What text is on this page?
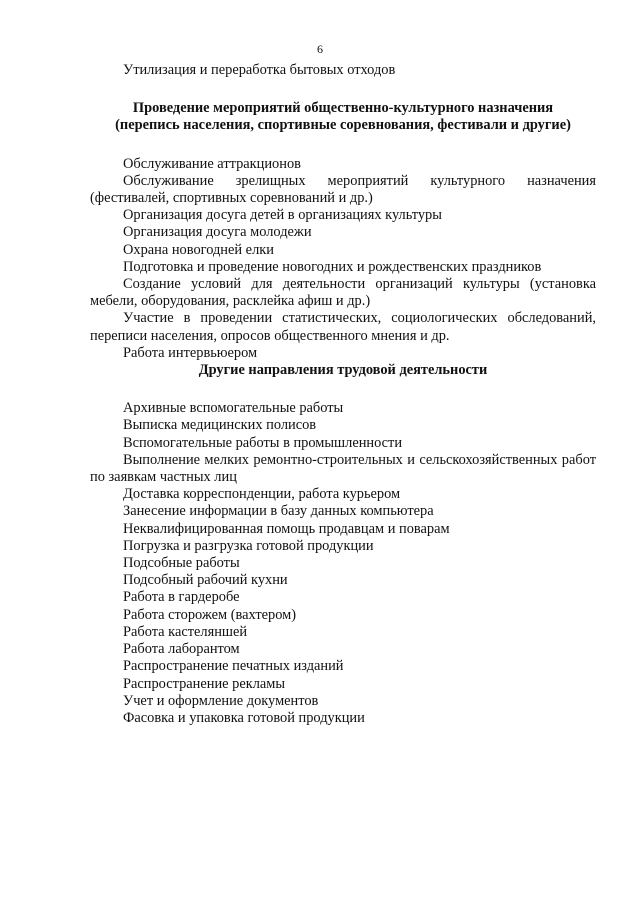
6

Утилизация и переработка бытовых отходов

Проведение мероприятий общественно-культурного назначения

(перепись населения, спортивные соревнования, фестивали и другие)

Обслуживание аттракционов

Обслуживание зрелищных мероприятий культурного назначения (фестивалей, спортивных соревнований и др.)

Организация досуга детей в организациях культуры

Организация досуга молодежи

Охрана новогодней елки

Подготовка и проведение новогодних и рождественских праздников

Создание условий для деятельности организаций культуры (установка мебели, оборудования, расклейка афиш и др.)

Участие в проведении статистических, социологических обследований, переписи населения, опросов общественного мнения и др.

Работа интервьюером

Другие направления трудовой деятельности

Архивные вспомогательные работы

Выписка медицинских полисов

Вспомогательные работы в промышленности

Выполнение мелких ремонтно-строительных и сельскохозяйственных работ по заявкам частных лиц

Доставка корреспонденции, работа курьером

Занесение информации в базу данных компьютера

Неквалифицированная помощь продавцам и поварам

Погрузка и разгрузка готовой продукции

Подсобные работы

Подсобный рабочий кухни

Работа в гардеробе

Работа сторожем (вахтером)

Работа кастеляншей

Работа лаборантом

Распространение печатных изданий

Распространение рекламы

Учет и оформление документов

Фасовка и упаковка готовой продукции
